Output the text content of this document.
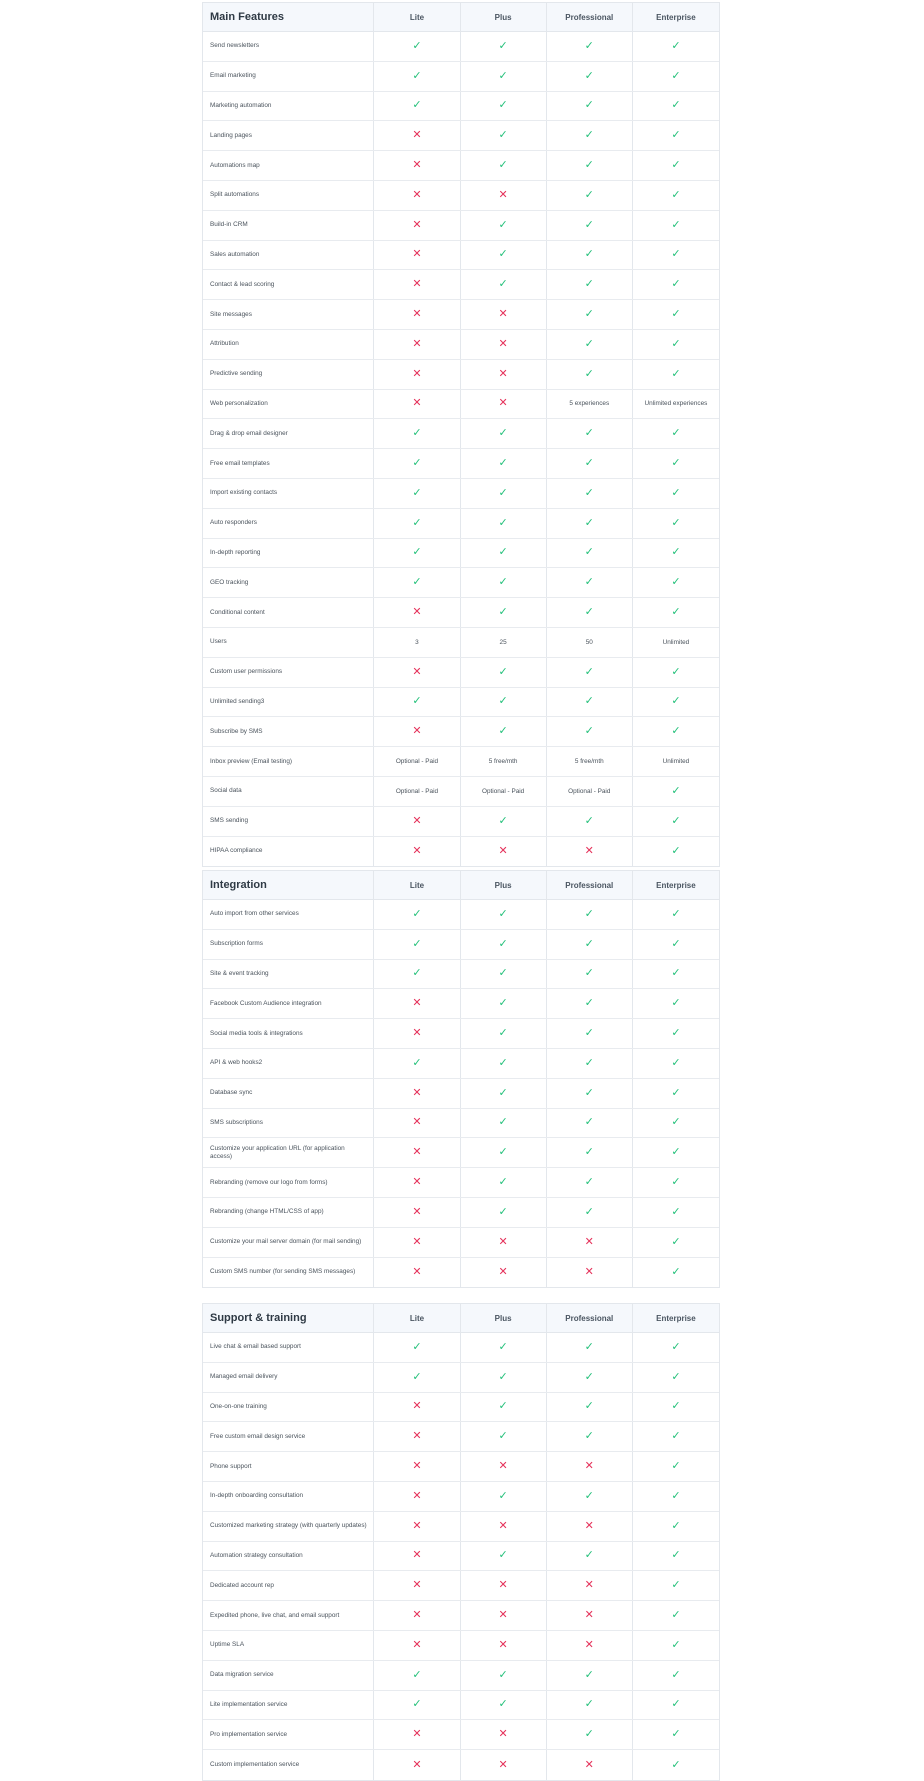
Main Features	Lite	Plus	Professional	Enterprise
Send newsletters	✓	✓	✓	✓
Email marketing	✓	✓	✓	✓
Marketing automation	✓	✓	✓	✓
Landing pages	✕	✓	✓	✓
Automations map	✕	✓	✓	✓
Split automations	✕	✕	✓	✓
Build-in CRM	✕	✓	✓	✓
Sales automation	✕	✓	✓	✓
Contact & lead scoring	✕	✓	✓	✓
Site messages	✕	✕	✓	✓
Attribution	✕	✕	✓	✓
Predictive sending	✕	✕	✓	✓
Web personalization	✕	✕	5 experiences	Unlimited experiences
Drag & drop email designer	✓	✓	✓	✓
Free email templates	✓	✓	✓	✓
Import existing contacts	✓	✓	✓	✓
Auto responders	✓	✓	✓	✓
In-depth reporting	✓	✓	✓	✓
GEO tracking	✓	✓	✓	✓
Conditional content	✕	✓	✓	✓
Users	3	25	50	Unlimited
Custom user permissions	✕	✓	✓	✓
Unlimited sending3	✓	✓	✓	✓
Subscribe by SMS	✕	✓	✓	✓
Inbox preview (Email testing)	Optional - Paid	5 free/mth	5 free/mth	Unlimited
Social data	Optional - Paid	Optional - Paid	Optional - Paid	✓
SMS sending	✕	✓	✓	✓
HIPAA compliance	✕	✕	✕	✓
Integration	Lite	Plus	Professional	Enterprise
Auto import from other services	✓	✓	✓	✓
Subscription forms	✓	✓	✓	✓
Site & event tracking	✓	✓	✓	✓
Facebook Custom Audience integration	✕	✓	✓	✓
Social media tools & integrations	✕	✓	✓	✓
API & web hooks2	✓	✓	✓	✓
Database sync	✕	✓	✓	✓
SMS subscriptions	✕	✓	✓	✓
Customize your application URL (for application access)	✕	✓	✓	✓
Rebranding (remove our logo from forms)	✕	✓	✓	✓
Rebranding (change HTML/CSS of app)	✕	✓	✓	✓
Customize your mail server domain (for mail sending)	✕	✕	✕	✓
Custom SMS number (for sending SMS messages)	✕	✕	✕	✓
Support & training	Lite	Plus	Professional	Enterprise
Live chat & email based support	✓	✓	✓	✓
Managed email delivery	✓	✓	✓	✓
One-on-one training	✕	✓	✓	✓
Free custom email design service	✕	✓	✓	✓
Phone support	✕	✕	✕	✓
In-depth onboarding consultation	✕	✓	✓	✓
Customized marketing strategy (with quarterly updates)	✕	✕	✕	✓
Automation strategy consultation	✕	✓	✓	✓
Dedicated account rep	✕	✕	✕	✓
Expedited phone, live chat, and email support	✕	✕	✕	✓
Uptime SLA	✕	✕	✕	✓
Data migration service	✓	✓	✓	✓
Lite implementation service	✓	✓	✓	✓
Pro implementation service	✕	✕	✓	✓
Custom implementation service	✕	✕	✕	✓
